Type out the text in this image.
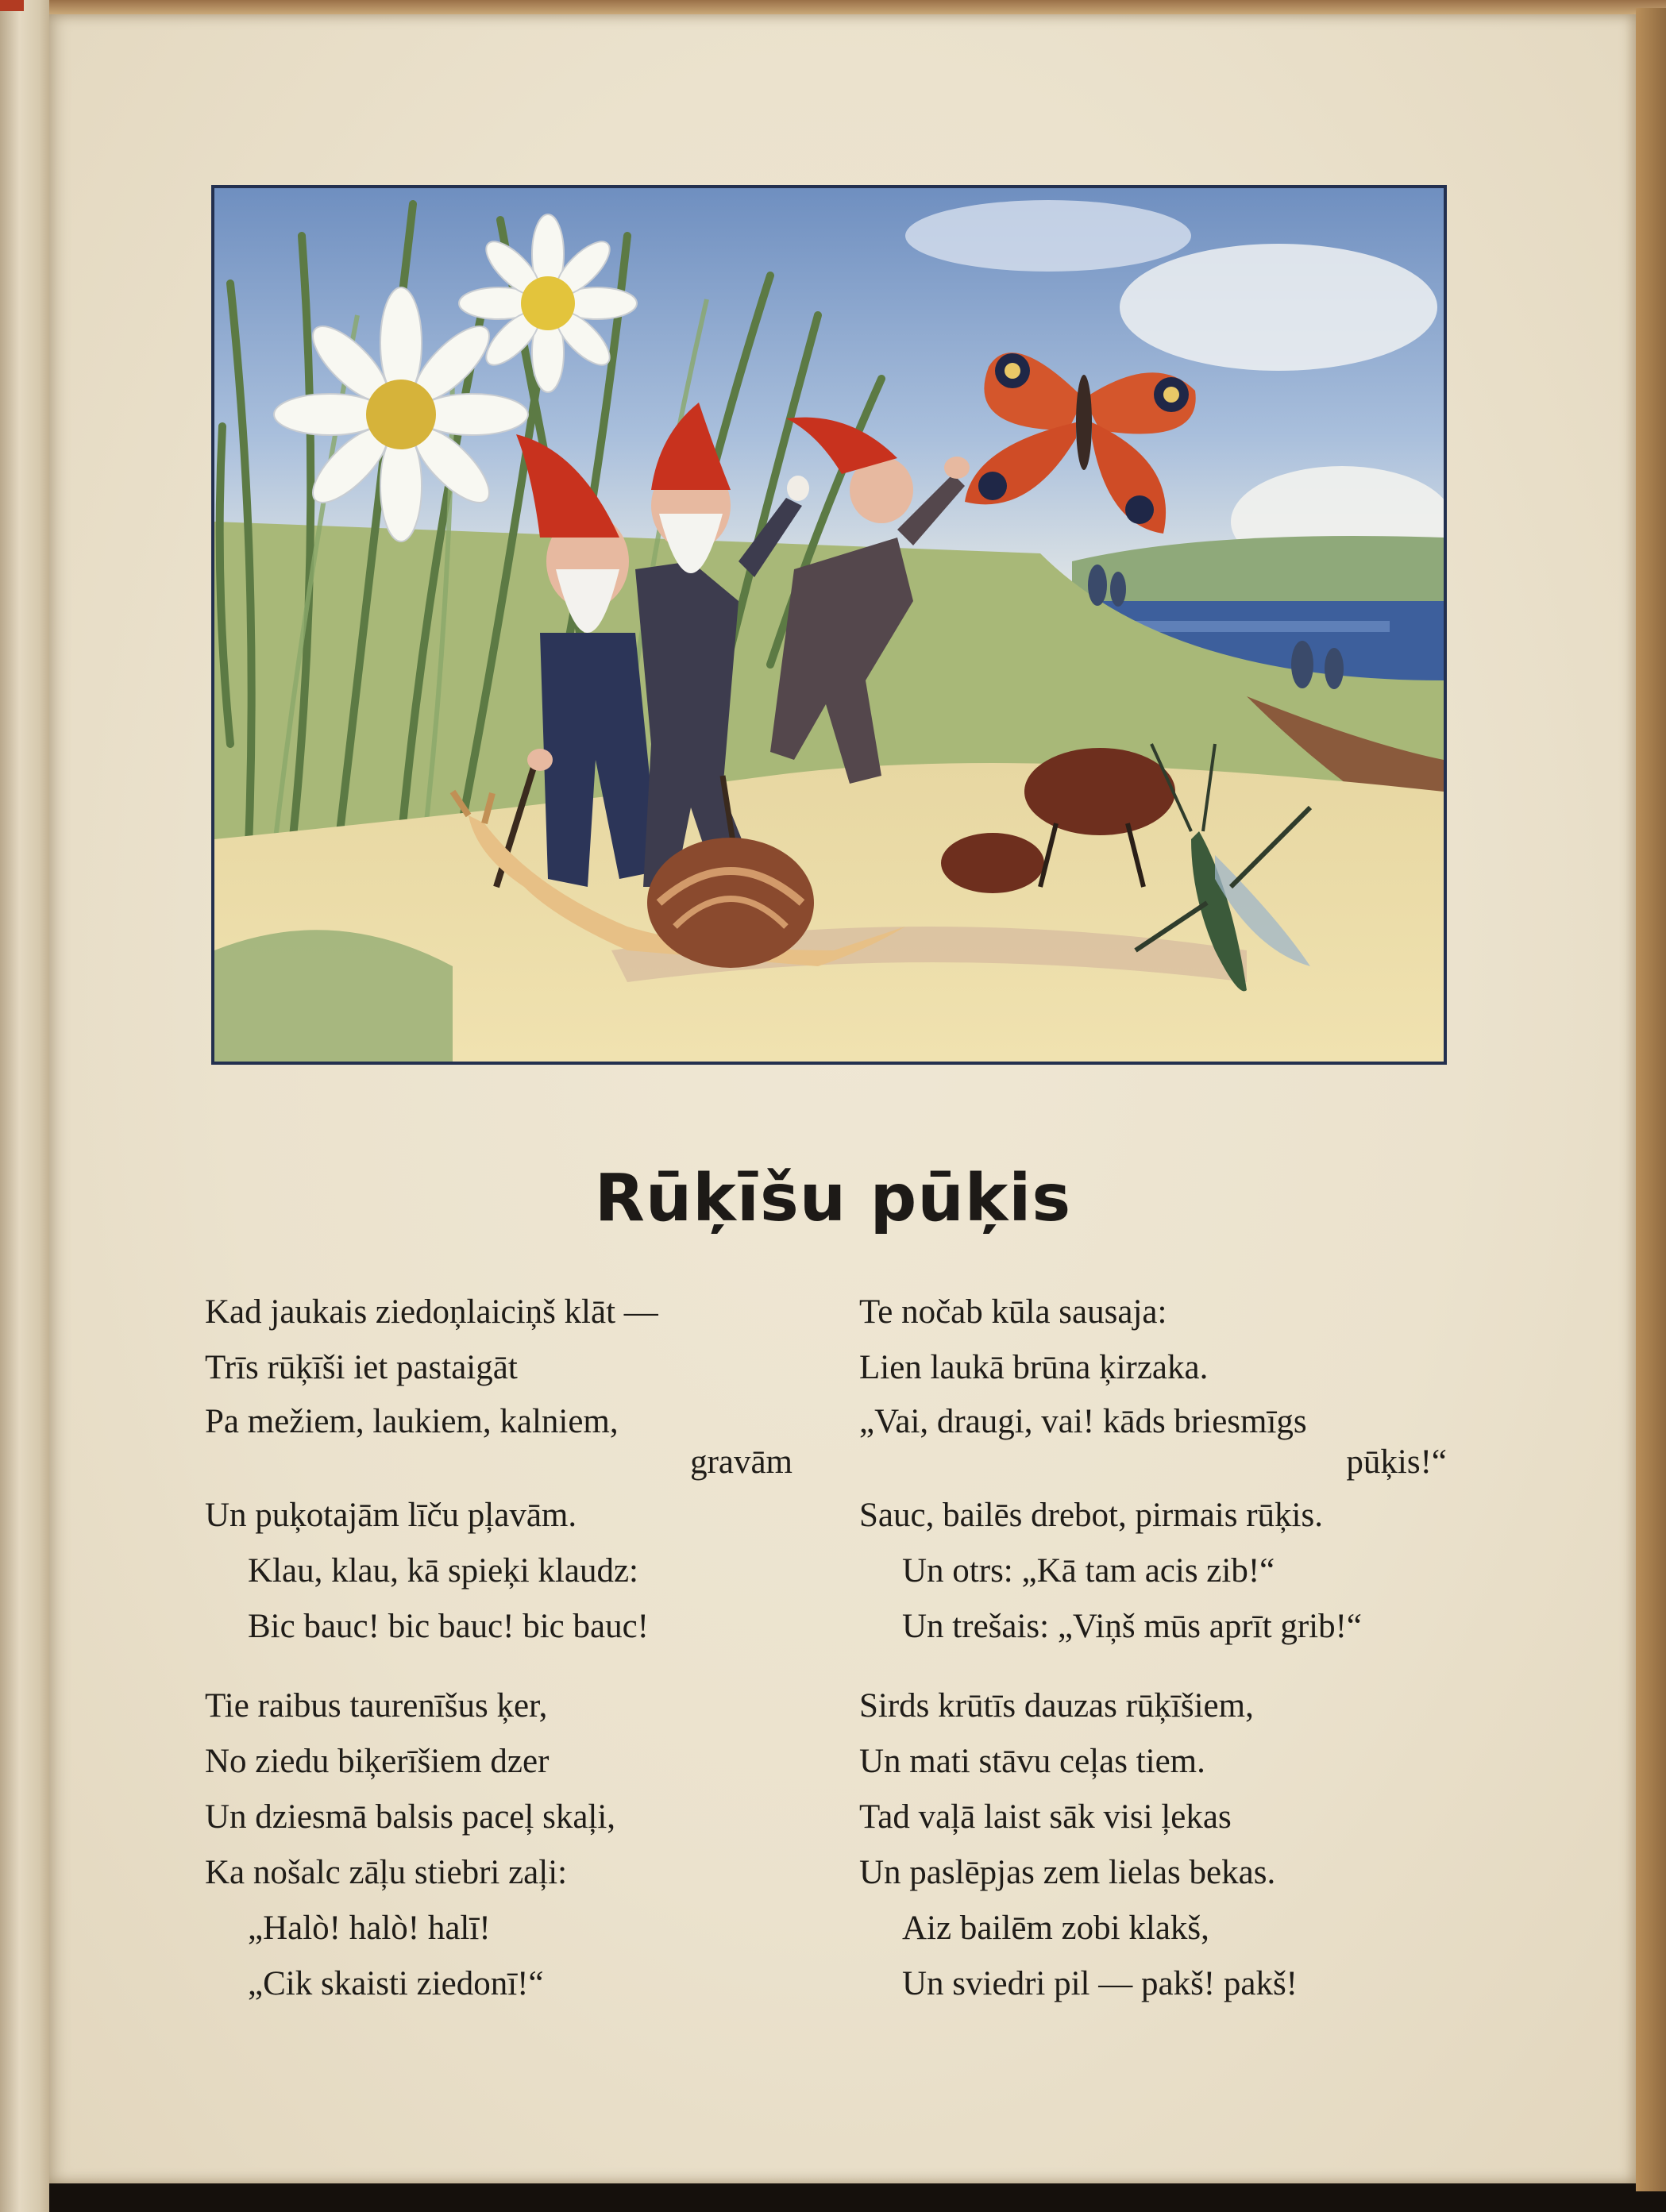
Rūķīšu pūķis

Kad jaukais ziedoņlaiciņš klāt —

Trīs rūķīši iet pastaigāt

Pa mežiem, laukiem, kalniem,

gravām

Un puķotajām līču pļavām.

Klau, klau, kā spieķi klaudz:

Bic bauc! bic bauc! bic bauc!

Tie raibus taurenīšus ķer,

No ziedu biķerīšiem dzer

Un dziesmā balsis paceļ skaļi,

Ka nošalc zāļu stiebri zaļi:

„Halò! halò! halī!

„Cik skaisti ziedonī!“

Te nočab kūla sausaja:

Lien laukā brūna ķirzaka.

„Vai, draugi, vai! kāds briesmīgs

pūķis!“

Sauc, bailēs drebot, pirmais rūķis.

Un otrs: „Kā tam acis zib!“

Un trešais: „Viņš mūs aprīt grib!“

Sirds krūtīs dauzas rūķīšiem,

Un mati stāvu ceļas tiem.

Tad vaļā laist sāk visi ļekas

Un paslēpjas zem lielas bekas.

Aiz bailēm zobi klakš,

Un sviedri pil — pakš! pakš!
